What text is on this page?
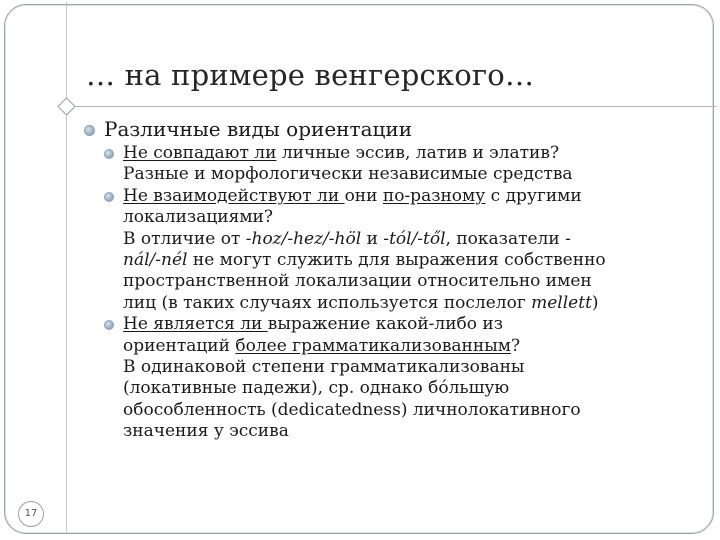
… на примере венгерского…
Различные виды ориентации
Не совпадают ли личные эссив, латив и элатив?
Разные и морфологически независимые средства
Не взаимодействуют ли они по-разному с другими
локализациями?
В отличие от -hoz/-hez/-höl и -tól/-től, показатели -
nál/-nél не могут служить для выражения собственно
пространственной локализации относительно имен
лиц (в таких случаях используется послелог mellett)
Не является ли выражение какой-либо из
ориентаций более грамматикализованным?
В одинаковой степени грамматикализованы
(локативные падежи), ср. однако бóльшую
обособленность (dedicatedness) личнолокативного
значения у эссива
17
